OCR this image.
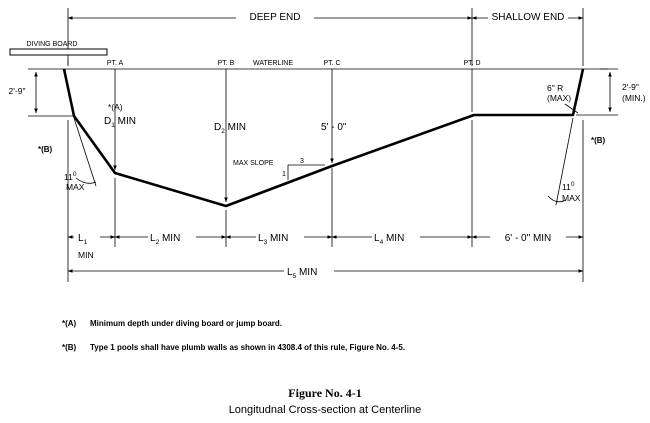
DEEP END	SHALLOW END
DIVING BOARD
I	PT. A	PT. B	WATERLINE	PT. C	PT. D
2'-9"	2'-9"
(MIN.)
*(A)
$D_1$ MIN
$D_2$ MIN	5' - 0"
6" R
(MAX)
MAX SLOPE	3
1
*(B)
$11^0$
MAX
*(B)
$11^0$
MAX
$L_1$
MIN
$L_2$ MIN	$L_3$ MIN	$L_4$ MIN	6' - 0" MIN
$L_5$ MIN
*(A) Minimum depth under diving board or jump board.
*(B) Type 1 pools shall have plumb walls as shown in 4308.4 of this rule, Figure No. 4-5.
Figure No. 4-1
Longitudnal Cross-section at Centerline
